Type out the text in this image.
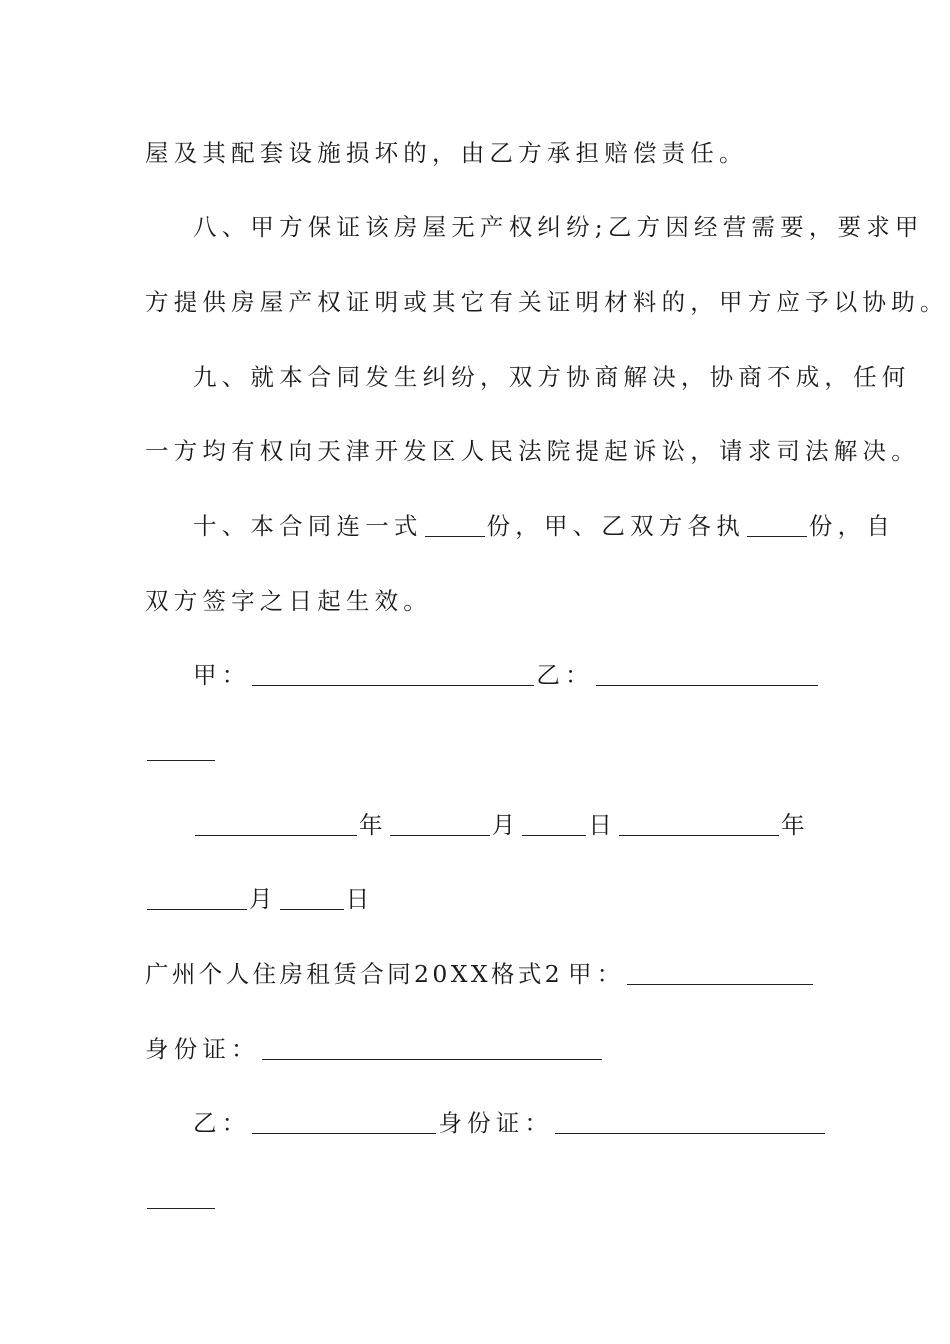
屋及其配套设施损坏的，由乙方承担赔偿责任。
八、甲方保证该房屋无产权纠纷;乙方因经营需要，要求甲
方提供房屋产权证明或其它有关证明材料的，甲方应予以协助。
九、就本合同发生纠纷，双方协商解决，协商不成，任何
一方均有权向天津开发区人民法院提起诉讼，请求司法解决。
十、本合同连一式	份，甲、乙双方各执	份，自
双方签字之日起生效。
甲：	乙：
年	月	日	年
月	日
广州个人住房租赁合同20XX格式2 甲：
身份证：
乙：	身份证：
